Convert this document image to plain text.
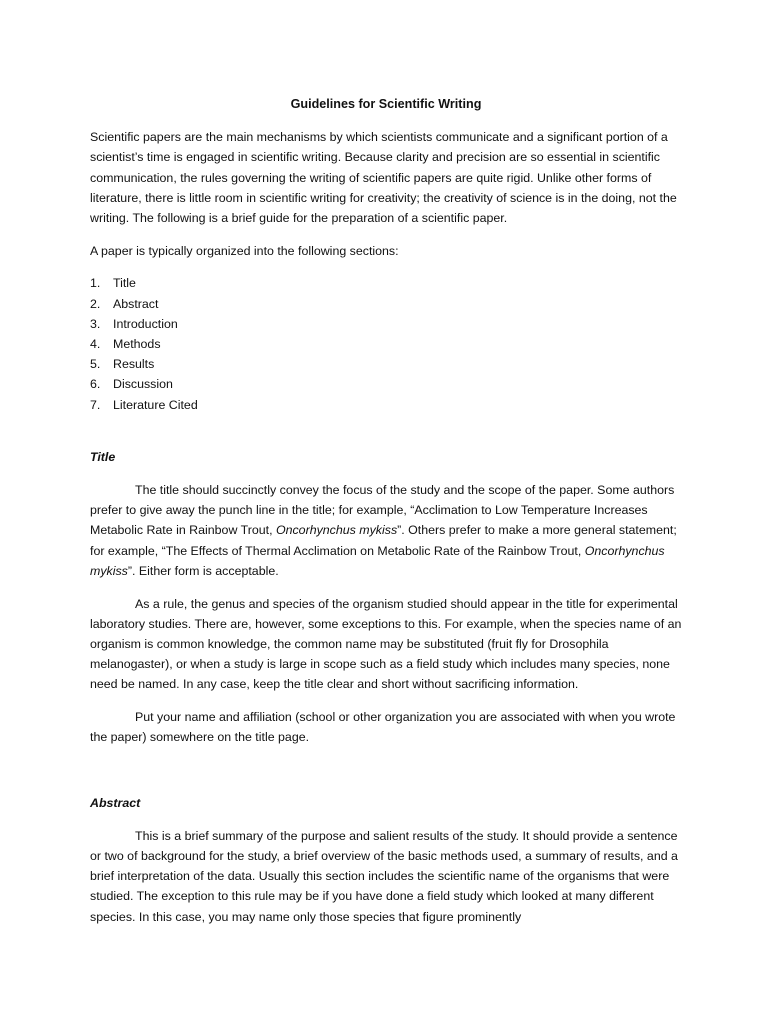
Guidelines for Scientific Writing

Scientific papers are the main mechanisms by which scientists communicate and a significant portion of a scientist’s time is engaged in scientific writing. Because clarity and precision are so essential in scientific communication, the rules governing the writing of scientific papers are quite rigid. Unlike other forms of literature, there is little room in scientific writing for creativity; the creativity of science is in the doing, not the writing. The following is a brief guide for the preparation of a scientific paper.

A paper is typically organized into the following sections:

1.	Title
2.	Abstract
3.	Introduction
4.	Methods
5.	Results
6.	Discussion
7.	Literature Cited
Title

The title should succinctly convey the focus of the study and the scope of the paper. Some authors prefer to give away the punch line in the title; for example, “Acclimation to Low Temperature Increases Metabolic Rate in Rainbow Trout, Oncorhynchus mykiss”. Others prefer to make a more general statement; for example, “The Effects of Thermal Acclimation on Metabolic Rate of the Rainbow Trout, Oncorhynchus mykiss”. Either form is acceptable.

As a rule, the genus and species of the organism studied should appear in the title for experimental laboratory studies. There are, however, some exceptions to this. For example, when the species name of an organism is common knowledge, the common name may be substituted (fruit fly for Drosophila melanogaster), or when a study is large in scope such as a field study which includes many species, none need be named. In any case, keep the title clear and short without sacrificing information.

Put your name and affiliation (school or other organization you are associated with when you wrote the paper) somewhere on the title page.

Abstract

This is a brief summary of the purpose and salient results of the study. It should provide a sentence or two of background for the study, a brief overview of the basic methods used, a summary of results, and a brief interpretation of the data. Usually this section includes the scientific name of the organisms that were studied. The exception to this rule may be if you have done a field study which looked at many different species. In this case, you may name only those species that figure prominently
